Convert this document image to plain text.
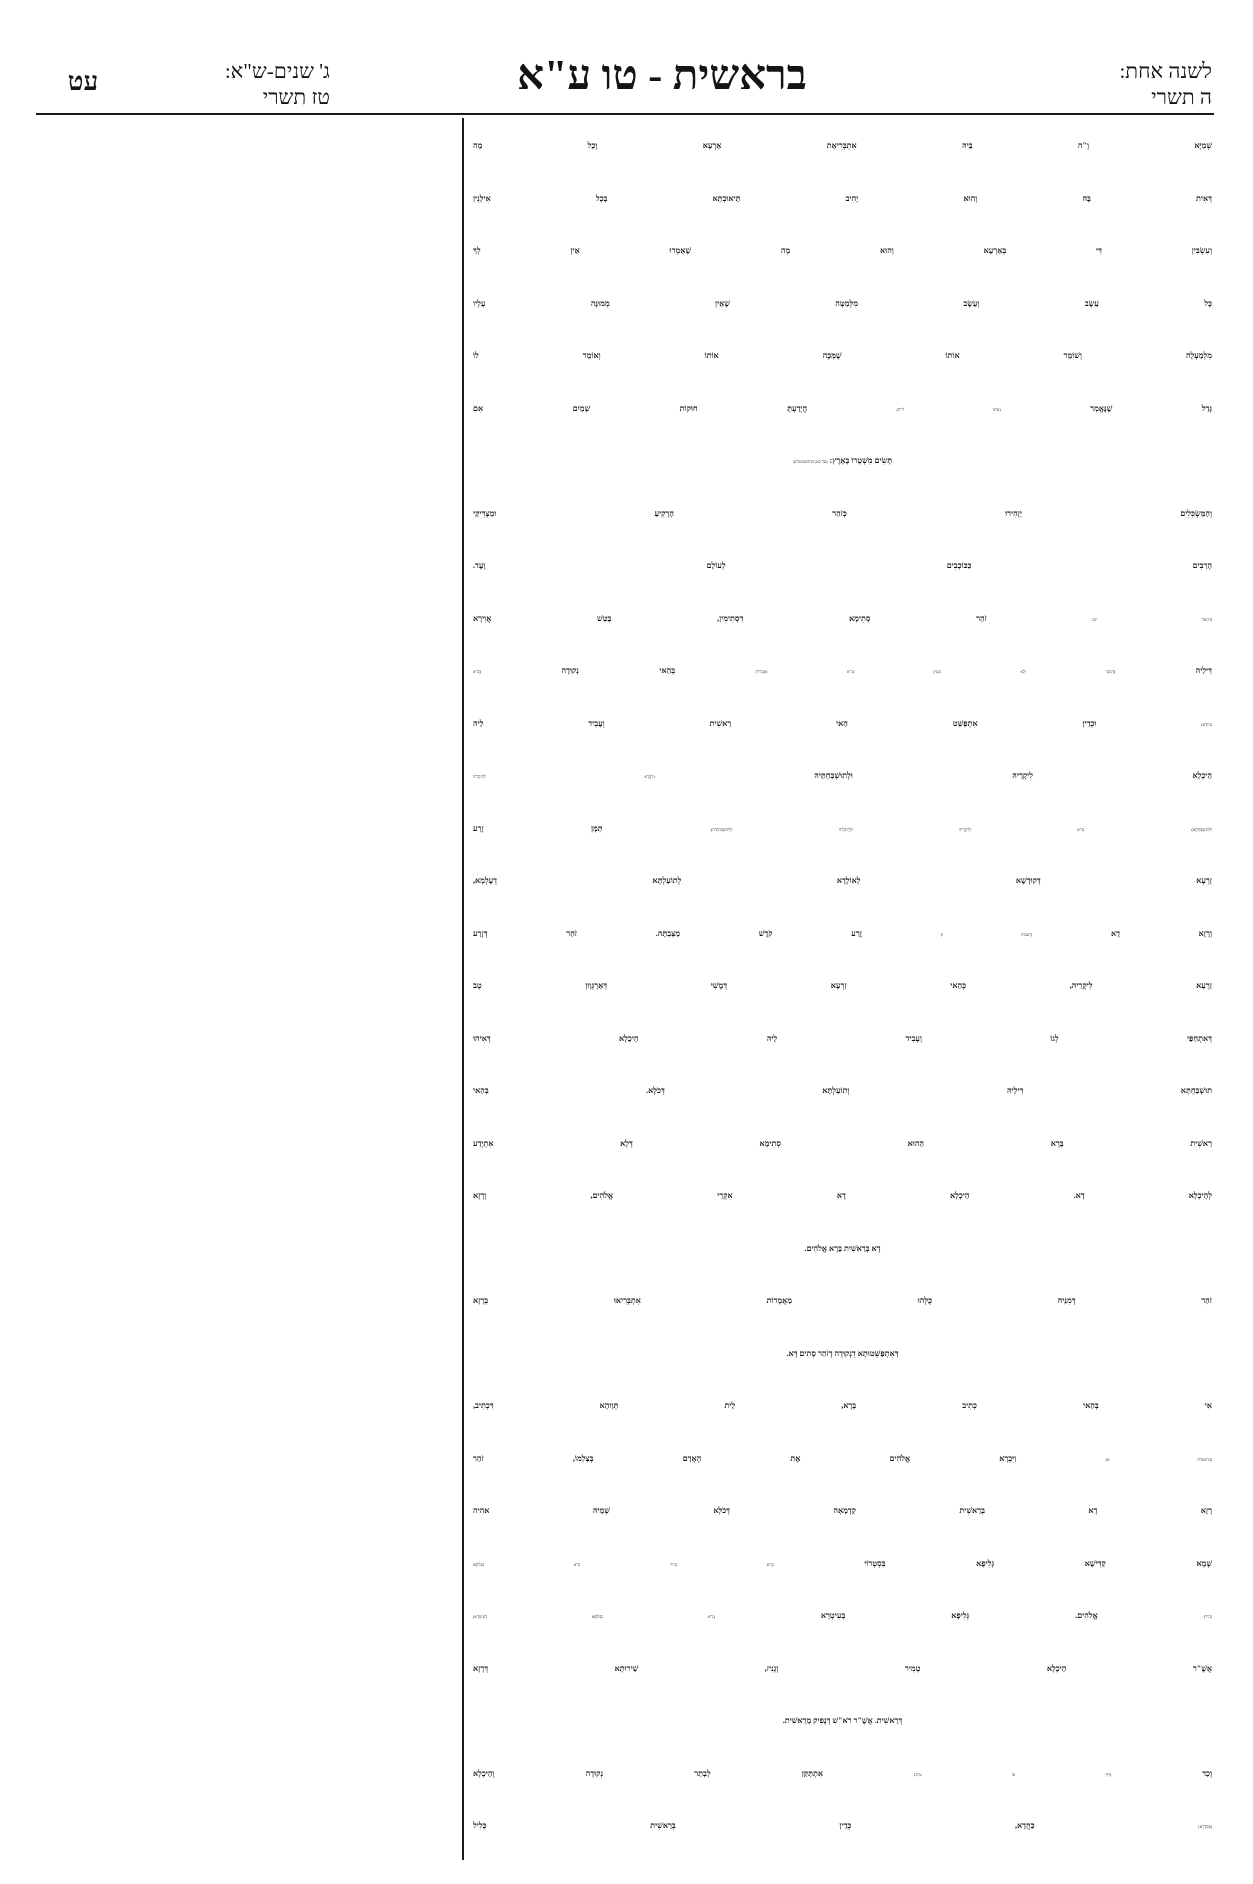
עט	ג' שנים-ש"א:
טז תשרי	בראשית - טו ע"א	לשנה אחת:
ה תשרי
שְׁמַיָּא וָ"ה בֵּיהּ אִתְבְּרִיאַת אַרְעָא וְכָל מָה
דְּאִית בָּהּ וְהוּא יָהִיב תֵּיאוּבְתָּא בְּכָל אִילָנִין
וְעִשְׂבִּין דִּי בְּאַרְעָא וְהוּא מָה שֶׁאָמְרוּ אֵין לְךָ
כָּל עֵשֶׂב וְעֵשֶׂב מִלְּמַטָּה שֶׁאֵין מְמוּנֶּה עָלָיו
מִלְמַעְלָה וְשׁוֹמֵר אוֹתוֹ שֶׁמַּכֶּה אוֹתוֹ וְאוֹמֵר לוֹ
גְּדַל שֶׁנֶּאֱמַר (איוב ל"ח) הֲיָדַעְתָּ חוּקוֹת שָׁמַיִם אִם
תָּשִׂים מִשְׁטָרוֹ בָּאָרֶץ: (עד כאן מההשמטות):
וְהַמַּשְׂכִּלִים יַזְהִירוּ כְּזֹהַר הָרָקִיעַ וּמַצְדִּיקֵי
הָרַבִּים כַּכּוֹכָבִים לְעוֹלָם וָעֶד.
(דניאל יב) זֹהַר סְתִימָא דִּסְתִימִין, בָּטַשׁ אֲוִירָא
דִּילֵיהּ (דְּמָטֵי וְלָא מָטֵי) (נ"א וְאִנְהִיר) בְּהַאי נְקוּדָה (ס"א
נְהוֹרָא) וּכְדֵין אִתְפַּשַּׁט הַאי רֵאשִׁית וְעָבִיד לֵיהּ
הֵיכָלָא לִיקָרֵיהּ וּלְתוּשְׁבַּחְתֵּיהּ (וִיקָרָא לְהֵיכְלֵיהּ
וּלְתוּשְׁבַּחְתָּא). (נ"א וְלִיקָרֵיהּ וּלְהֵיכְלֵיהּ וּלְתוּשְׁבַּחְתֵּיהּ). תַּמָּן זָרַע
זַרְעָא דְּקוּדְשָׁא לְאוֹלָדָא לְתוֹעַלְתָּא דְעָלְמָא,
וְרָזָא דָא (ישעיה ו) זֶרַע קֹדֶשׁ מַצַּבְתָּהּ. זֹהַר דְּזָרַע
זַרְעָא לִיקָרֵיהּ, כְּהַאי זַרְעָא דְּמֶשִׁי דְּאַרְגְּוָון טָב
דְּאִתְחַפֵּי לְגוֹ וְעָבִיד לֵיהּ הֵיכָלָא דְּאִיהוּ
תוּשְׁבַּחְתָּא דִּילֵיהּ וְתוֹעַלְתָּא דְּכֹלָּא. בְּהַאי
רֵאשִׁית בָּרָא הַהוּא סְתִימָא דְּלָא אִתְיְדַע
לְהֵיכָלָא דָא. הֵיכָלָא דָא אִקְרֵי אֱלֹהִים, וְרָזָא
דָא בְּרֵאשִׁית בָּרָא אֱלֹהִים.
זֹהַר דְּמִנֵּיהּ כֻּלְּהוּ מַאֲמָרוֹת אִתְבְּרִיאוּ בְּרָזָא
דְּאִתְפַּשְּׁטוּתָא דִנְקוּדָה דְזֹהַר סָתִים דָּא.
אִי בְּהַאי כְּתִיב בָּרָא, לֵית תְּוַוהָא דִּכְתִיב,
(בראשית א) וַיִּבְרָא אֱלֹהִים אֶת הָאָדָם בְּצַלְמוֹ, זֹהַר
רָזָא דָא בְּרֵאשִׁית קַדְמָאָה דְּכֹלָּא שְׁמֵיהּ אהיה
שְׁמָא קַדִּישָׁא גְּלִיפָא בִּסְטְרוֹי (נ"א נְהִיר וּנ"א בִּגְלִיפָא
נְהִיר) אֱלֹהִים. גְּלִיפָא בְּעִיטְרָא (נ"א בִּגְלוּפָא דְּעִיטְרָא)
אֲשֶׁ"ר הֵיכָלָא טָמִיר וְגָנִיז, שֵׁירוּתָא דְּרָזָא
דְּרֵאשִׁית. אֲשֶׁ"ר רֹא"שׁ דְּנָפִיק מֵרֵאשִׁית.
וְכַד (דף טו ע"ב) אִתְתַּקַּן לְבָתַר נְקוּדָה וְהֵיכָלָא
(בְּסִדְרָא) כַּחֲדָא, כְּדֵין בְּרֵאשִׁית כָּלִיל
